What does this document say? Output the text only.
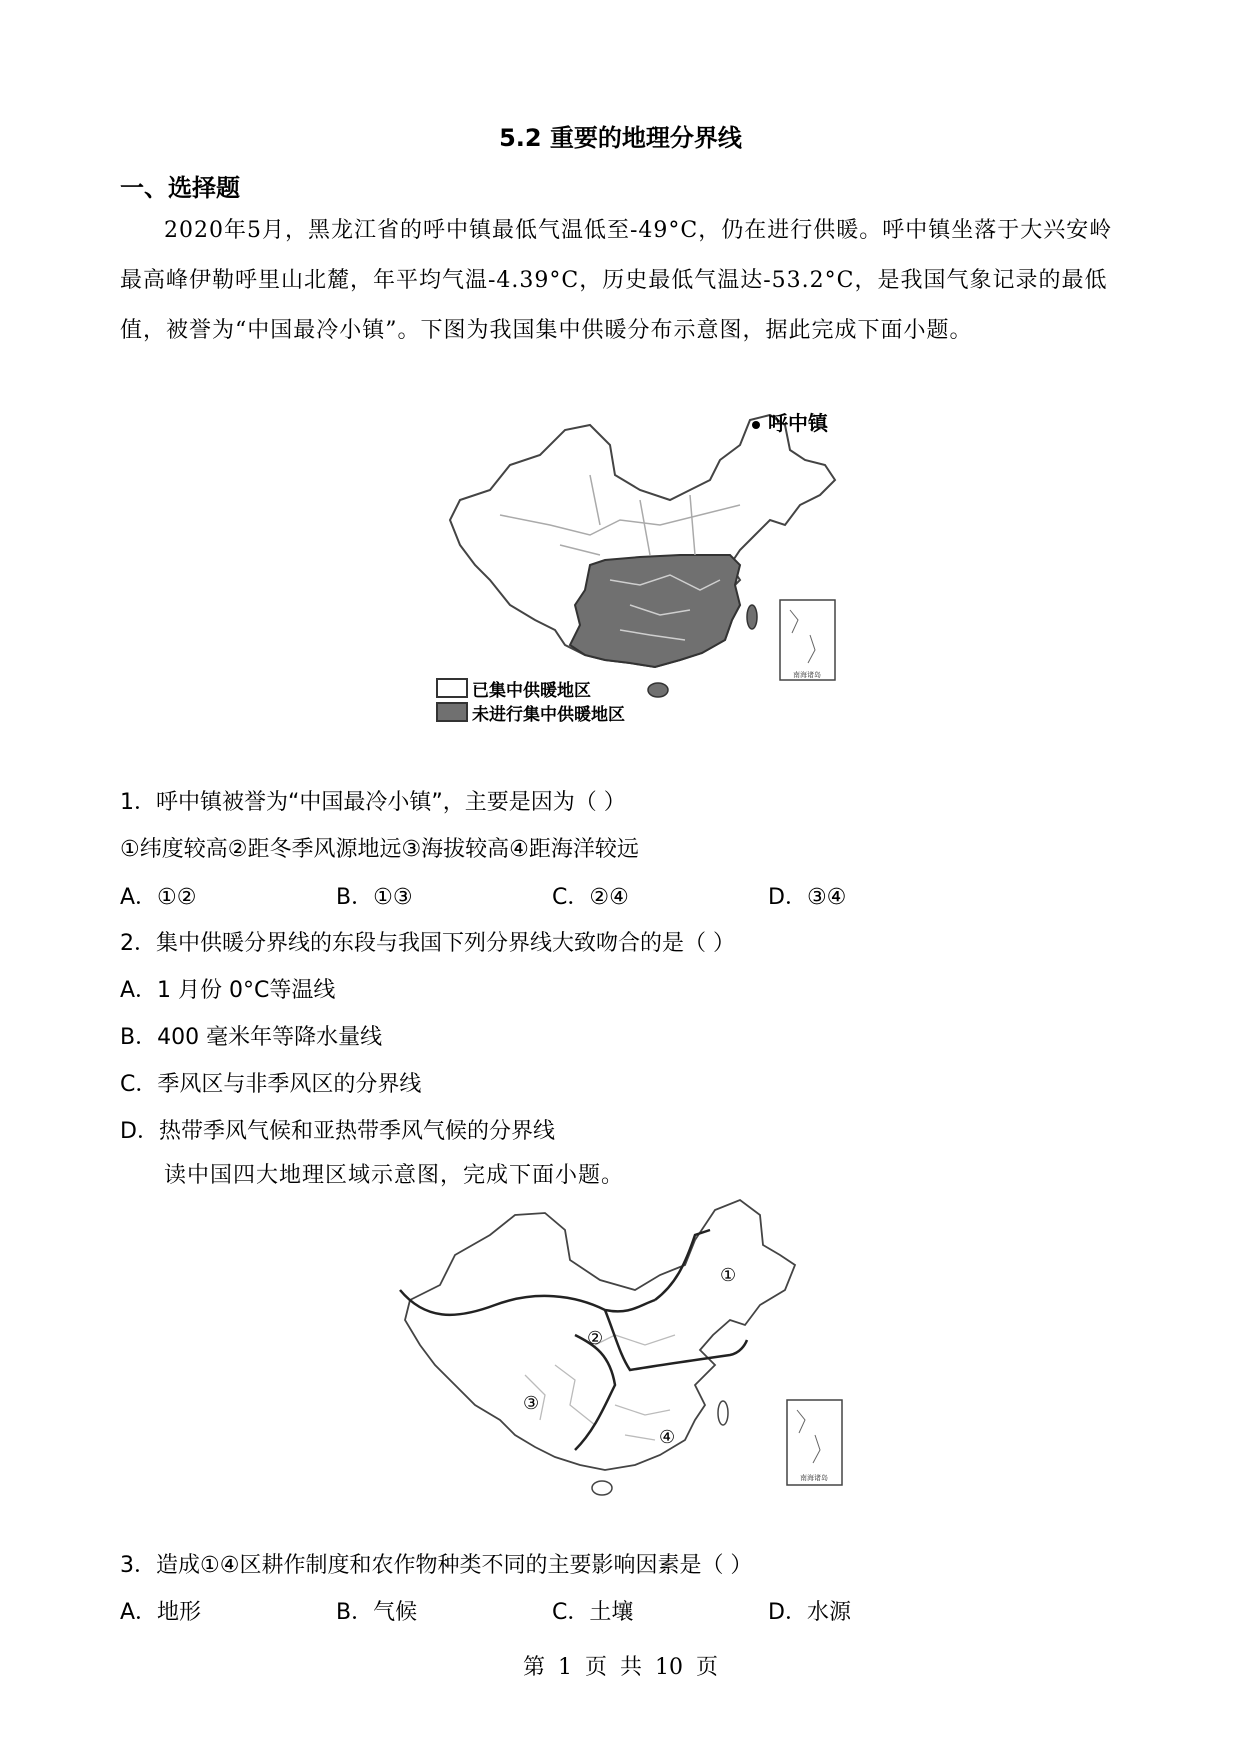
5.2 重要的地理分界线
一、选择题
2020年5月，黑龙江省的呼中镇最低气温低至-49°C，仍在进行供暖。呼中镇坐落于大兴安岭最高峰伊勒呼里山北麓，年平均气温-4.39°C，历史最低气温达-53.2°C，是我国气象记录的最低值，被誉为“中国最冷小镇”。下图为我国集中供暖分布示意图，据此完成下面小题。
南海诸岛
呼中镇
已集中供暖地区
未进行集中供暖地区
1．呼中镇被誉为“中国最冷小镇”，主要是因为（ ）
①纬度较高②距冬季风源地远③海拔较高④距海洋较远
A．①②	B．①③	C．②④	D．③④
2．集中供暖分界线的东段与我国下列分界线大致吻合的是（ ）
A．1 月份 0°C等温线
B．400 毫米年等降水量线
C．季风区与非季风区的分界线
D．热带季风气候和亚热带季风气候的分界线
读中国四大地理区域示意图，完成下面小题。
南海诸岛
①
②
③
④
3．造成①④区耕作制度和农作物种类不同的主要影响因素是（ ）
A．地形	B．气候	C．土壤	D．水源
第 1 页 共 10 页
